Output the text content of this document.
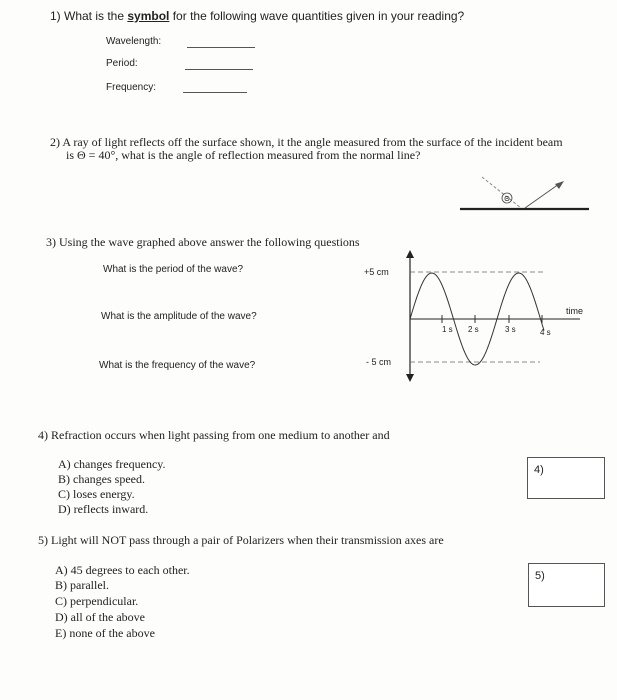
1) What is the symbol for the following wave quantities given in your reading?
Wavelength:
Period:
Frequency:
2) A ray of light reflects off the surface shown, it the angle measured from the surface of the incident beam
is Θ = 40°, what is the angle of reflection measured from the normal line?
Θ
3) Using the wave graphed above answer the following questions
What is the period of the wave?
What is the amplitude of the wave?
What is the frequency of the wave?
+5 cm
- 5 cm
time
1 s 2 s	3 s	4 s
4) Refraction occurs when light passing from one medium to another and
A) changes frequency.
B) changes speed.
C) loses energy.
D) reflects inward.
4)
5) Light will NOT pass through a pair of Polarizers when their transmission axes are
A) 45 degrees to each other.
B) parallel.
C) perpendicular.
D) all of the above
E) none of the above
5)
